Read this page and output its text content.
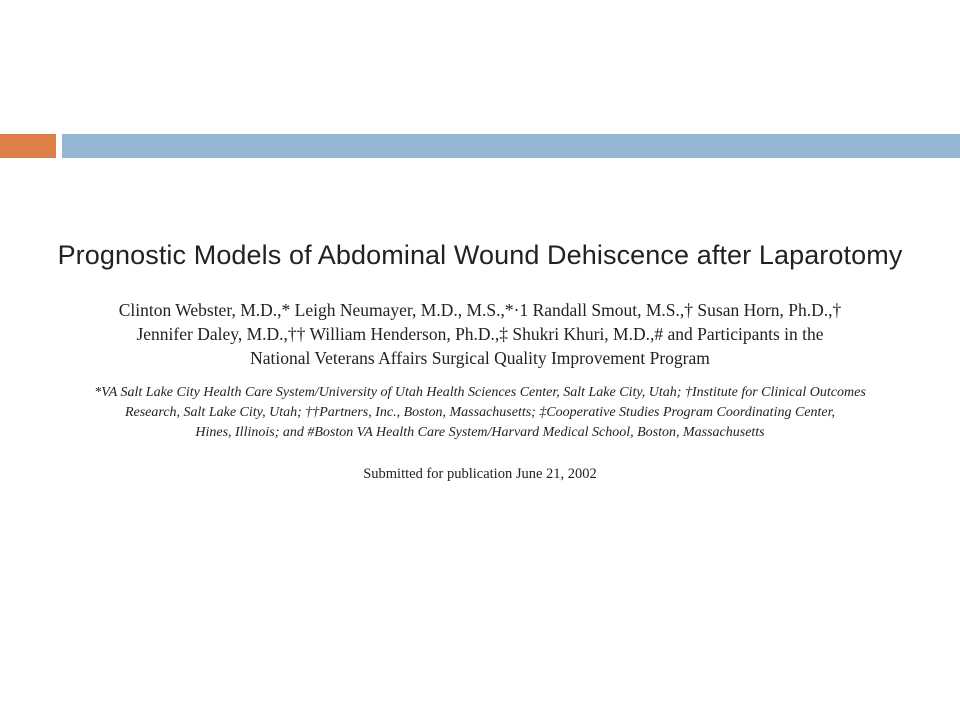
Prognostic Models of Abdominal Wound Dehiscence after Laparotomy
Clinton Webster, M.D.,* Leigh Neumayer, M.D., M.S.,*·1 Randall Smout, M.S.,† Susan Horn, Ph.D.,†
Jennifer Daley, M.D.,†† William Henderson, Ph.D.,‡ Shukri Khuri, M.D.,# and Participants in the
National Veterans Affairs Surgical Quality Improvement Program
*VA Salt Lake City Health Care System/University of Utah Health Sciences Center, Salt Lake City, Utah; †Institute for Clinical Outcomes
Research, Salt Lake City, Utah; ††Partners, Inc., Boston, Massachusetts; ‡Cooperative Studies Program Coordinating Center,
Hines, Illinois; and #Boston VA Health Care System/Harvard Medical School, Boston, Massachusetts
Submitted for publication June 21, 2002
